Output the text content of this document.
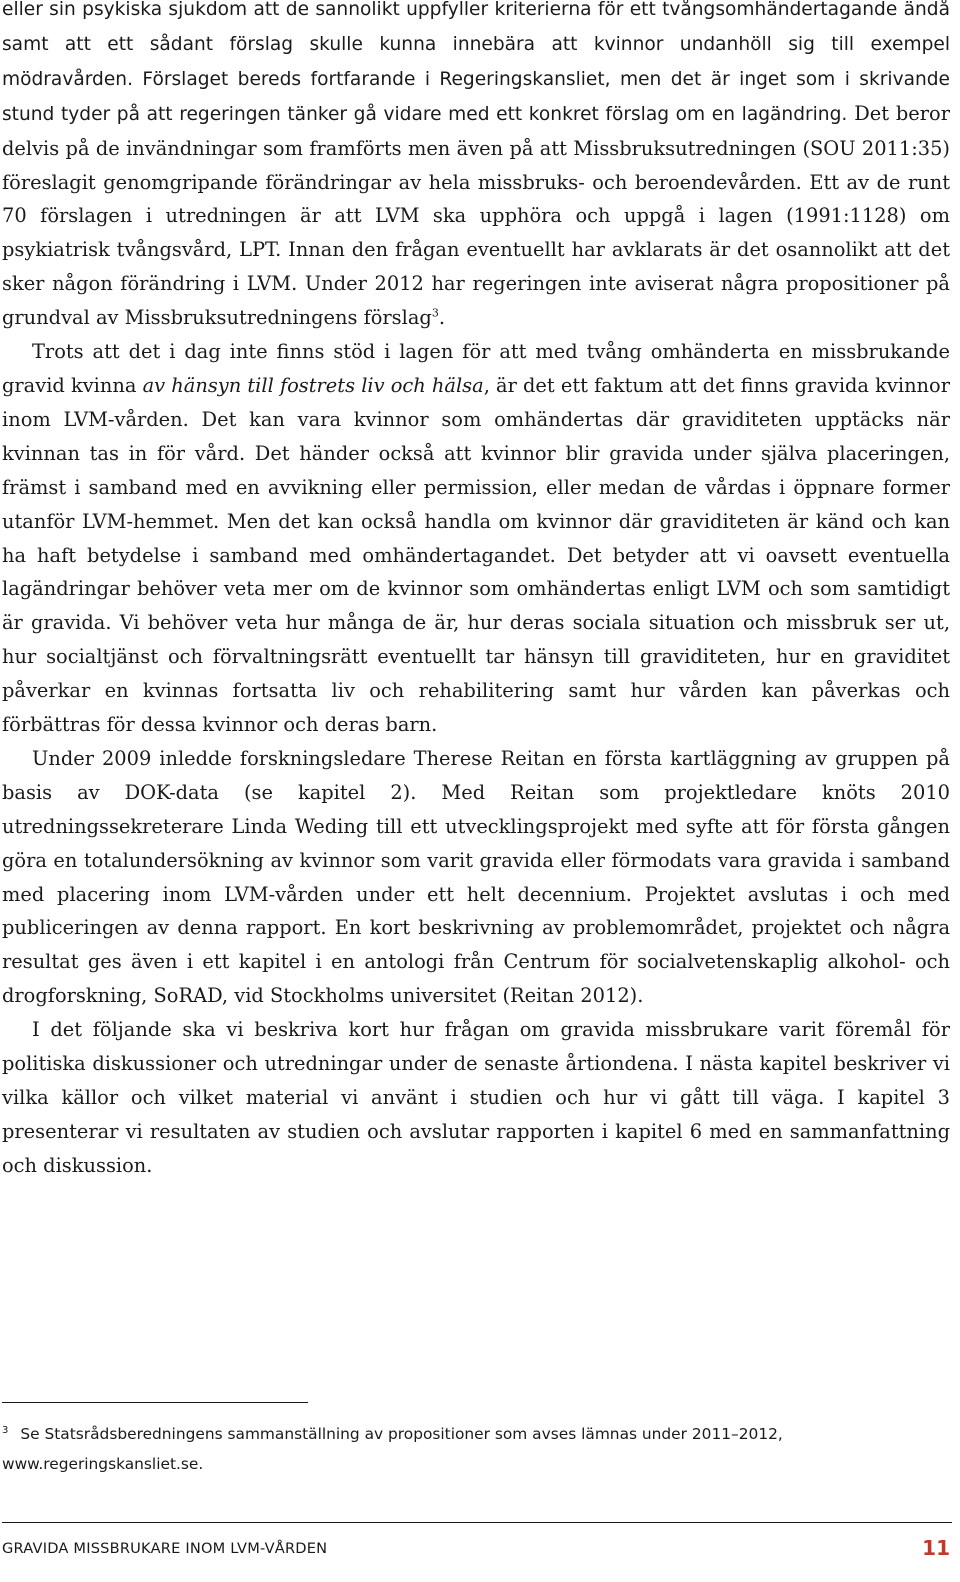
eller sin psykiska sjukdom att de sannolikt uppfyller kriterierna för ett tvångsomhändertagande ändå samt att ett sådant förslag skulle kunna innebära att kvinnor undanhöll sig till exempel mödravården. Förslaget bereds fortfarande i Regeringskansliet, men det är inget som i skrivande stund tyder på att regeringen tänker gå vidare med ett konkret förslag om en lagändring. Det beror delvis på de invändningar som framförts men även på att Missbruksutredningen (SOU 2011:35) föreslagit genomgripande förändringar av hela missbruks- och beroendevården. Ett av de runt 70 förslagen i utredningen är att LVM ska upphöra och uppgå i lagen (1991:1128) om psykiatrisk tvångsvård, LPT. Innan den frågan eventuellt har avklarats är det osannolikt att det sker någon förändring i LVM. Under 2012 har regeringen inte aviserat några propositioner på grundval av Missbruksutredningens förslag$^3$.

Trots att det i dag inte finns stöd i lagen för att med tvång omhänderta en missbrukande gravid kvinna av hänsyn till fostrets liv och hälsa, är det ett faktum att det finns gravida kvinnor inom LVM-vården. Det kan vara kvinnor som omhändertas där graviditeten upptäcks när kvinnan tas in för vård. Det händer också att kvinnor blir gravida under själva placeringen, främst i samband med en avvikning eller permission, eller medan de vårdas i öppnare former utanför LVM-hemmet. Men det kan också handla om kvinnor där graviditeten är känd och kan ha haft betydelse i samband med omhändertagandet. Det betyder att vi oavsett eventuella lagändringar behöver veta mer om de kvinnor som omhändertas enligt LVM och som samtidigt är gravida. Vi behöver veta hur många de är, hur deras sociala situation och missbruk ser ut, hur socialtjänst och förvaltningsrätt eventuellt tar hänsyn till graviditeten, hur en graviditet påverkar en kvinnas fortsatta liv och rehabilitering samt hur vården kan påverkas och förbättras för dessa kvinnor och deras barn.

Under 2009 inledde forskningsledare Therese Reitan en första kartläggning av gruppen på basis av DOK-data (se kapitel 2). Med Reitan som projektledare knöts 2010 utredningssekreterare Linda Weding till ett utvecklingsprojekt med syfte att för första gången göra en totalundersökning av kvinnor som varit gravida eller förmodats vara gravida i samband med placering inom LVM-vården under ett helt decennium. Projektet avslutas i och med publiceringen av denna rapport. En kort beskrivning av problemområdet, projektet och några resultat ges även i ett kapitel i en antologi från Centrum för socialvetenskaplig alkohol- och drogforskning, SoRAD, vid Stockholms universitet (Reitan 2012).

I det följande ska vi beskriva kort hur frågan om gravida missbrukare varit föremål för politiska diskussioner och utredningar under de senaste årtiondena. I nästa kapitel beskriver vi vilka källor och vilket material vi använt i studien och hur vi gått till väga. I kapitel 3 presenterar vi resultaten av studien och avslutar rapporten i kapitel 6 med en sammanfattning och diskussion.

$^3$ Se Statsrådsberedningens sammanställning av propositioner som avses lämnas under 2011–2012, www.regeringskansliet.se.
GRAVIDA MISSBRUKARE INOM LVM-VÅRDEN	11
